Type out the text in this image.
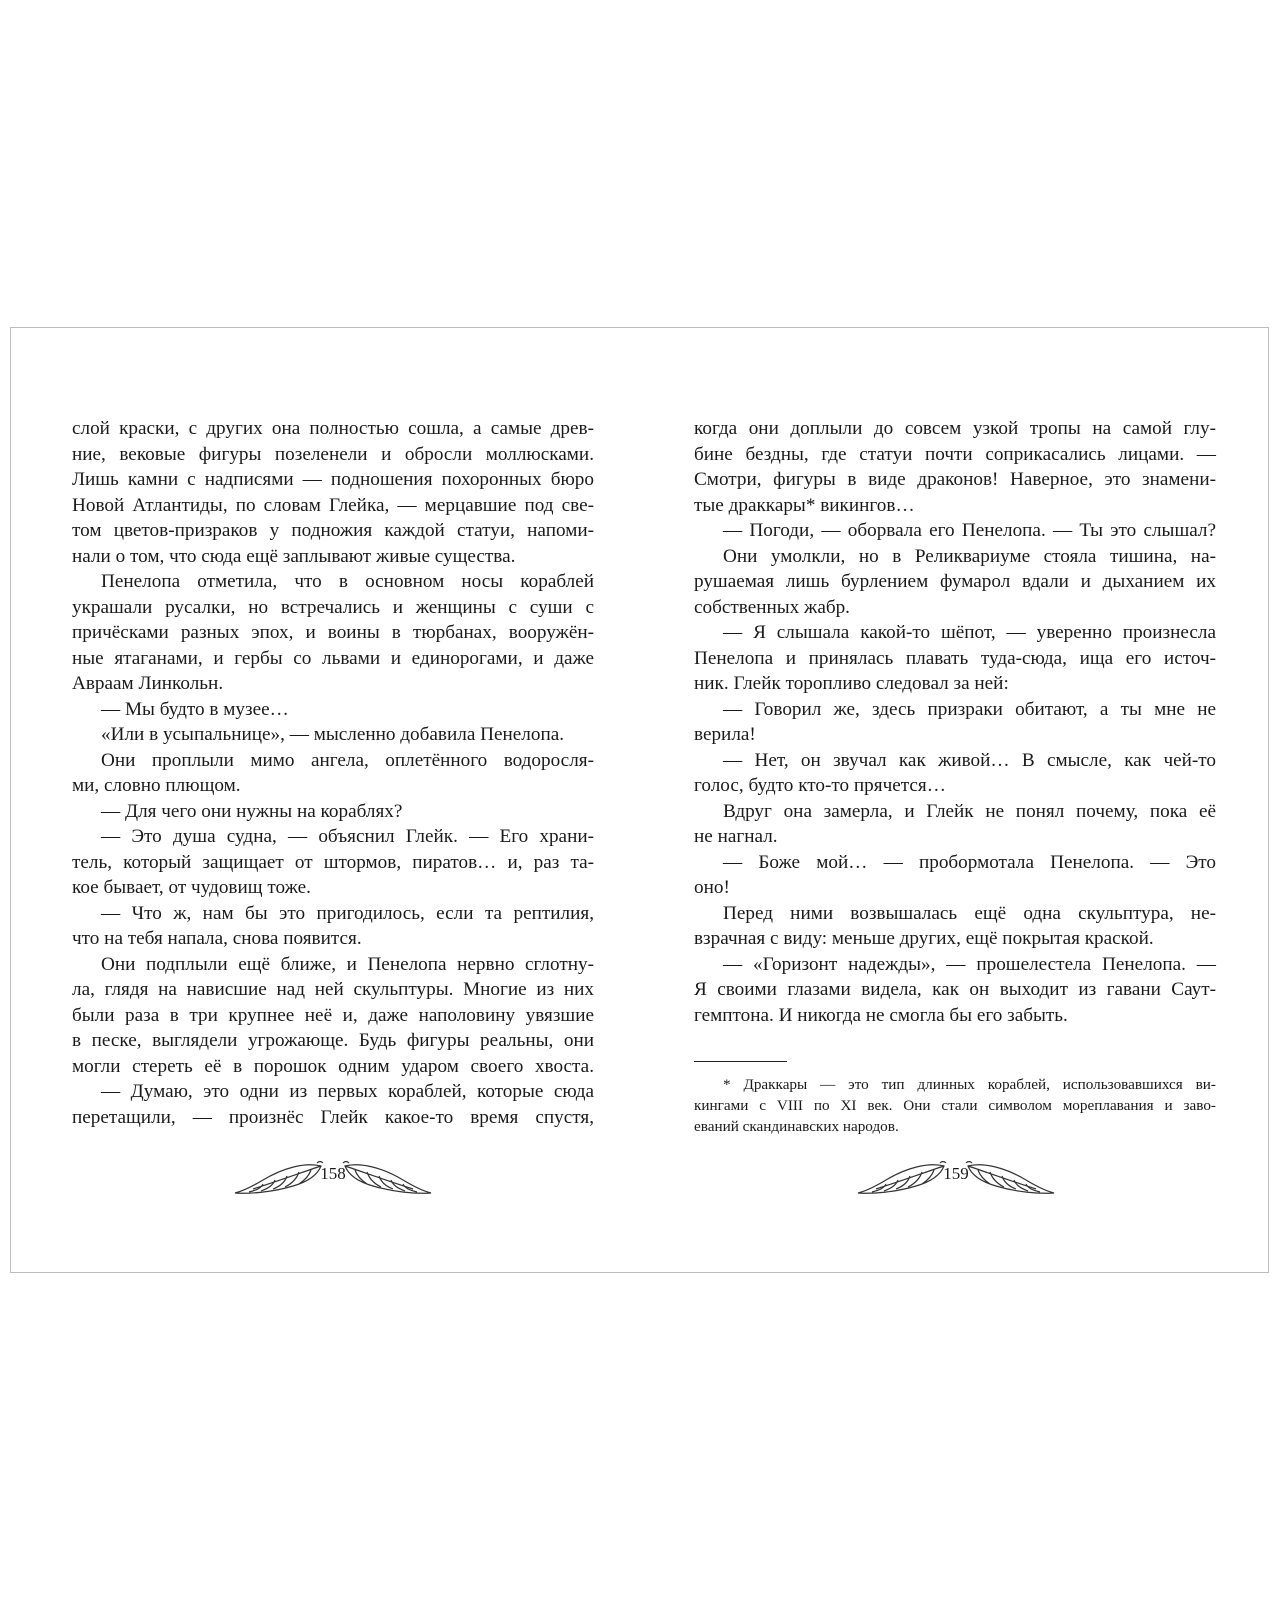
слой краски, с других она полностью сошла, а самые древ-
ние, вековые фигуры позеленели и обросли моллюсками.
Лишь камни с надписями — подношения похоронных бюро
Новой Атлантиды, по словам Глейка, — мерцавшие под све-
том цветов-призраков у подножия каждой статуи, напоми-
нали о том, что сюда ещё заплывают живые существа.
Пенелопа отметила, что в основном носы кораблей
украшали русалки, но встречались и женщины с суши с
причёсками разных эпох, и воины в тюрбанах, вооружён-
ные ятаганами, и гербы со львами и единорогами, и даже
Авраам Линкольн.
— Мы будто в музее…
«Или в усыпальнице», — мысленно добавила Пенелопа.
Они проплыли мимо ангела, оплетённого водоросля-
ми, словно плющом.
— Для чего они нужны на кораблях?
— Это душа судна, — объяснил Глейк. — Его храни-
тель, который защищает от штормов, пиратов… и, раз та-
кое бывает, от чудовищ тоже.
— Что ж, нам бы это пригодилось, если та рептилия,
что на тебя напала, снова появится.
Они подплыли ещё ближе, и Пенелопа нервно сглотну-
ла, глядя на нависшие над ней скульптуры. Многие из них
были раза в три крупнее неё и, даже наполовину увязшие
в песке, выглядели угрожающе. Будь фигуры реальны, они
могли стереть её в порошок одним ударом своего хвоста.
— Думаю, это одни из первых кораблей, которые сюда
перетащили, — произнёс Глейк какое-то время спустя,
когда они доплыли до совсем узкой тропы на самой глу-
бине бездны, где статуи почти соприкасались лицами. —
Смотри, фигуры в виде драконов! Наверное, это знамени-
тые драккары* викингов…
— Погоди, — оборвала его Пенелопа. — Ты это слышал?
Они умолкли, но в Реликвариуме стояла тишина, на-
рушаемая лишь бурлением фумарол вдали и дыханием их
собственных жабр.
— Я слышала какой-то шёпот, — уверенно произнесла
Пенелопа и принялась плавать туда-сюда, ища его источ-
ник. Глейк торопливо следовал за ней:
— Говорил же, здесь призраки обитают, а ты мне не
верила!
— Нет, он звучал как живой… В смысле, как чей-то
голос, будто кто-то прячется…
Вдруг она замерла, и Глейк не понял почему, пока её
не нагнал.
— Боже мой… — пробормотала Пенелопа. — Это
оно!
Перед ними возвышалась ещё одна скульптура, не-
взрачная с виду: меньше других, ещё покрытая краской.
— «Горизонт надежды», — прошелестела Пенелопа. —
Я своими глазами видела, как он выходит из гавани Саут-
гемптона. И никогда не смогла бы его забыть.
* Драккары — это тип длинных кораблей, использовавшихся ви-
кингами с VIII по XI век. Они стали символом мореплавания и заво-
еваний скандинавских народов.
158	159
